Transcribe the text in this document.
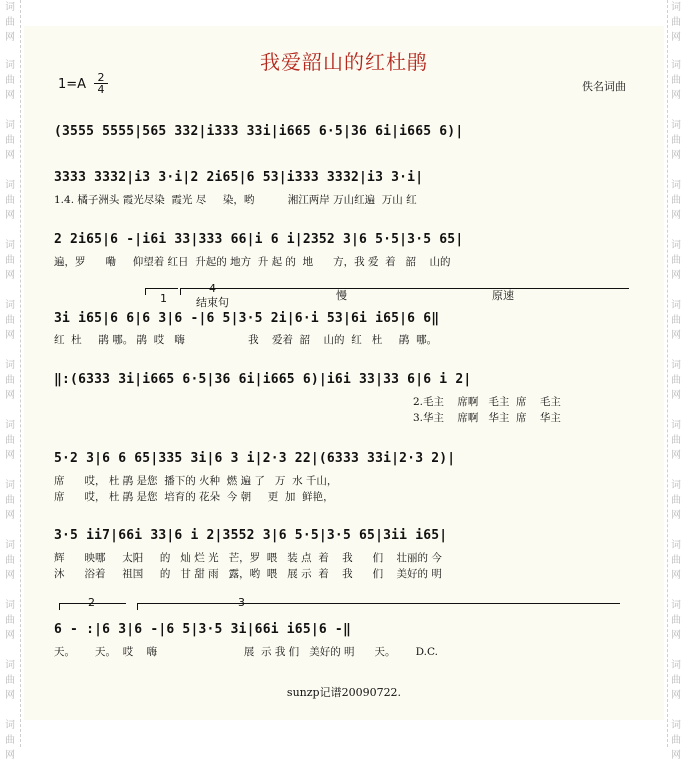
词
曲
网
词
曲
网
词
曲
网
词
曲
网
词
曲
网
词
曲
网
词
曲
网
词
曲
网
词
曲
网
词
曲
网
词
曲
网
词
曲
网
词
曲
网
词
曲
网
词
曲
网
词
曲
网
词
曲
网
词
曲
网
词
曲
网
词
曲
网
词
曲
网
词
曲
网
词
曲
网
词
曲
网
词
曲
网
词
曲
网
我爱韶山的红杜鹃
1=A	2
4	佚名词曲
(3555 5555|565 332|i333 33i|i665 6·5|36 6i|i665 6)|
3333 3332|i3 3·i|2 2i65|6 53|i333 3332|i3 3·i|
1.4. 橘子洲头 霞光尽染  霞光 尽     染，哟          湘江两岸 万山红遍  万山 红
2 2i65|6 -|i6i 33|333 66|i 6 i|2352 3|6 5·5|3·5 65|
遍，罗      嘞     仰望着 红日  升起的 地方  升 起 的  地      方，我 爱  着   韶    山的
1
4
结束句
慢	原速
3i i65|6 6|6 3|6 -|6 5|3·5 2i|6·i 53|6i i65|6 6‖
红  杜     鹃 哪。 鹃  哎   嗨                   我    爱着  韶    山的  红   杜     鹃  哪。
‖:(6333 3i|i665 6·5|36 6i|i665 6)|i6i 33|33 6|6 i 2|
2.毛主    席啊   毛主  席    毛主
3.华主    席啊   华主  席    华主
5·2 3|6 6 65|335 3i|6 3 i|2·3 22|(6333 33i|2·3 2)|
席      哎， 杜 鹃 是您  播下的 火种  燃 遍 了   万  水 千山，
席      哎， 杜 鹃 是您  培育的 花朵  今 朝     更  加  鲜艳，
3·5 ii7|66i 33|6 i 2|3552 3|6 5·5|3·5 65|3ii i65|
辉      映哪     太阳     的   灿 烂 光   芒，罗  喂   装 点  着    我      们    壮丽的 今
沐      浴着     祖国     的   甘 甜 雨   露，哟  喂   展 示  着    我      们    美好的 明
2	3
6 - :|6 3|6 -|6 5|3·5 3i|66i i65|6 -‖
天。      天。  哎    嗨                          展  示 我 们   美好的 明      天。      D.C.
sunzp记谱20090722.
